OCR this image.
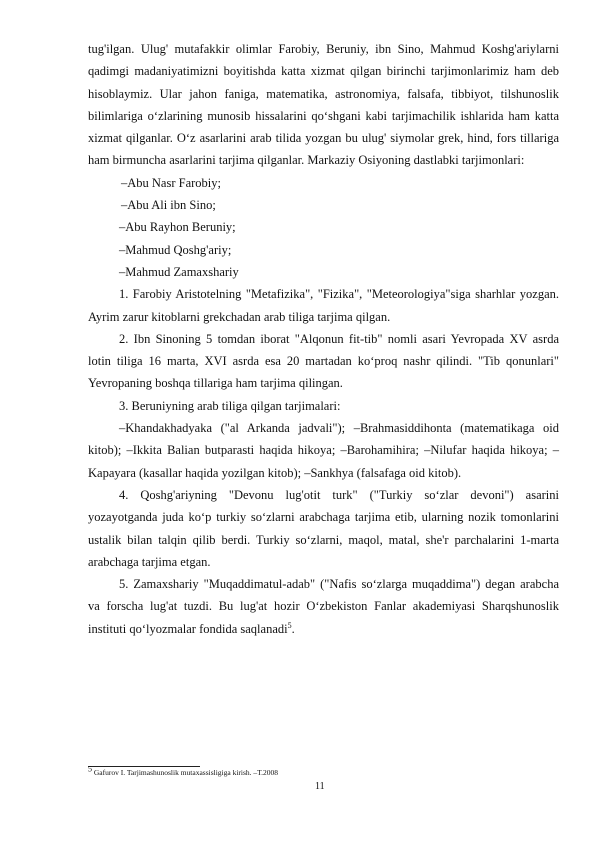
tug'ilgan. Ulug' mutafakkir olimlar Farobiy, Beruniy, ibn Sino, Mahmud Koshg'ariylarni qadimgi madaniyatimizni boyitishda katta xizmat qilgan birinchi tarjimonlarimiz ham deb hisoblaymiz. Ular jahon faniga, matematika, astronomiya, falsafa, tibbiyot, tilshunoslik bilimlariga o‘zlarining munosib hissalarini qo‘shgani kabi tarjimachilik ishlarida ham katta xizmat qilganlar. O‘z asarlarini arab tilida yozgan bu ulug' siymolar grek, hind, fors tillariga ham birmuncha asarlarini tarjima qilganlar. Markaziy Osiyoning dastlabki tarjimonlari:

–Abu Nasr Farobiy;

–Abu Ali ibn Sino;

–Abu Rayhon Beruniy;

–Mahmud Qoshg'ariy;

–Mahmud Zamaxshariy

1. Farobiy Aristotelning "Metafizika", "Fizika", "Meteorologiya"siga sharhlar yozgan. Ayrim zarur kitoblarni grekchadan arab tiliga tarjima qilgan.

2. Ibn Sinoning 5 tomdan iborat "Alqonun fit-tib" nomli asari Yevropada XV asrda lotin tiliga 16 marta, XVI asrda esa 20 martadan ko‘proq nashr qilindi. "Tib qonunlari" Yevropaning boshqa tillariga ham tarjima qilingan.

3. Beruniyning arab tiliga qilgan tarjimalari:

–Khandakhadyaka ("al Arkanda jadvali"); –Brahmasiddihonta (matematikaga oid kitob); –Ikkita Balian butparasti haqida hikoya; –Barohamihira; –Nilufar haqida hikoya; –Kapayara (kasallar haqida yozilgan kitob); –Sankhya (falsafaga oid kitob).

4. Qoshg'ariyning "Devonu lug'otit turk" ("Turkiy so‘zlar devoni") asarini yozayotganda juda ko‘p turkiy so‘zlarni arabchaga tarjima etib, ularning nozik tomonlarini ustalik bilan talqin qilib berdi. Turkiy so‘zlarni, maqol, matal, she'r parchalarini 1-marta arabchaga tarjima etgan.

5. Zamaxshariy "Muqaddimatul-adab" ("Nafis so‘zlarga muqaddima") degan arabcha va forscha lug'at tuzdi. Bu lug'at hozir O‘zbekiston Fanlar akademiyasi Sharqshunoslik instituti qo‘lyozmalar fondida saqlanadi$^5$.

$^5$ Gafurov I. Tarjimashunoslik mutaxassisligiga kirish. –T.2008
11
